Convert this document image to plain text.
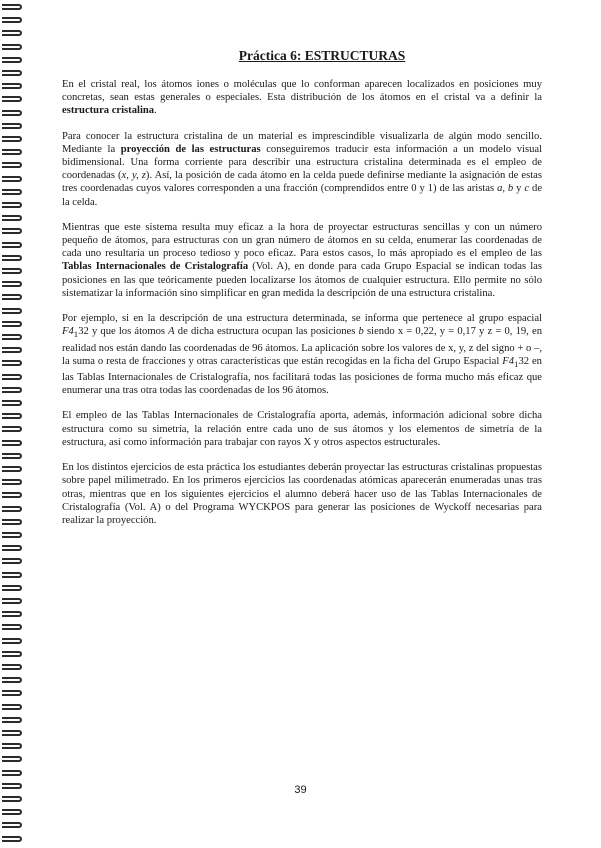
Práctica 6: ESTRUCTURAS

En el cristal real, los átomos iones o moléculas que lo conforman aparecen localizados en posiciones muy concretas, sean estas generales o especiales. Esta distribución de los átomos en el cristal va a definir la estructura cristalina.

Para conocer la estructura cristalina de un material es imprescindible visualizarla de algún modo sencillo. Mediante la proyección de las estructuras conseguiremos traducir esta información a un modelo visual bidimensional. Una forma corriente para describir una estructura cristalina determinada es el empleo de coordenadas (x, y, z). Así, la posición de cada átomo en la celda puede definirse mediante la asignación de estas tres coordenadas cuyos valores corresponden a una fracción (comprendidos entre 0 y 1) de las aristas a, b y c de la celda.

Mientras que este sistema resulta muy eficaz a la hora de proyectar estructuras sencillas y con un número pequeño de átomos, para estructuras con un gran número de átomos en su celda, enumerar las coordenadas de cada uno resultaría un proceso tedioso y poco eficaz. Para estos casos, lo más apropiado es el empleo de las Tablas Internacionales de Cristalografía (Vol. A), en donde para cada Grupo Espacial se indican todas las posiciones en las que teóricamente pueden localizarse los átomos de cualquier estructura. Ello permite no sólo sistematizar la información sino simplificar en gran medida la descripción de una estructura cristalina.

Por ejemplo, si en la descripción de una estructura determinada, se informa que pertenece al grupo espacial $F4_132$ y que los átomos A de dicha estructura ocupan las posiciones b siendo x = 0,22, y = 0,17 y z = 0, 19, en realidad nos están dando las coordenadas de 96 átomos. La aplicación sobre los valores de x, y, z del signo + o –, la suma o resta de fracciones y otras características que están recogidas en la ficha del Grupo Espacial $F4_132$ en las Tablas Internacionales de Cristalografía, nos facilitará todas las posiciones de forma mucho más eficaz que enumerar una tras otra todas las coordenadas de los 96 átomos.

El empleo de las Tablas Internacionales de Cristalografía aporta, además, información adicional sobre dicha estructura como su simetría, la relación entre cada uno de sus átomos y los elementos de simetría de la estructura, así como información para trabajar con rayos X y otros aspectos estructurales.

En los distintos ejercicios de esta práctica los estudiantes deberán proyectar las estructuras cristalinas propuestas sobre papel milimetrado. En los primeros ejercicios las coordenadas atómicas aparecerán enumeradas unas tras otras, mientras que en los siguientes ejercicios el alumno deberá hacer uso de las Tablas Internacionales de Cristalografía (Vol. A) o del Programa WYCKPOS para generar las posiciones de Wyckoff necesarias para realizar la proyección.

39
